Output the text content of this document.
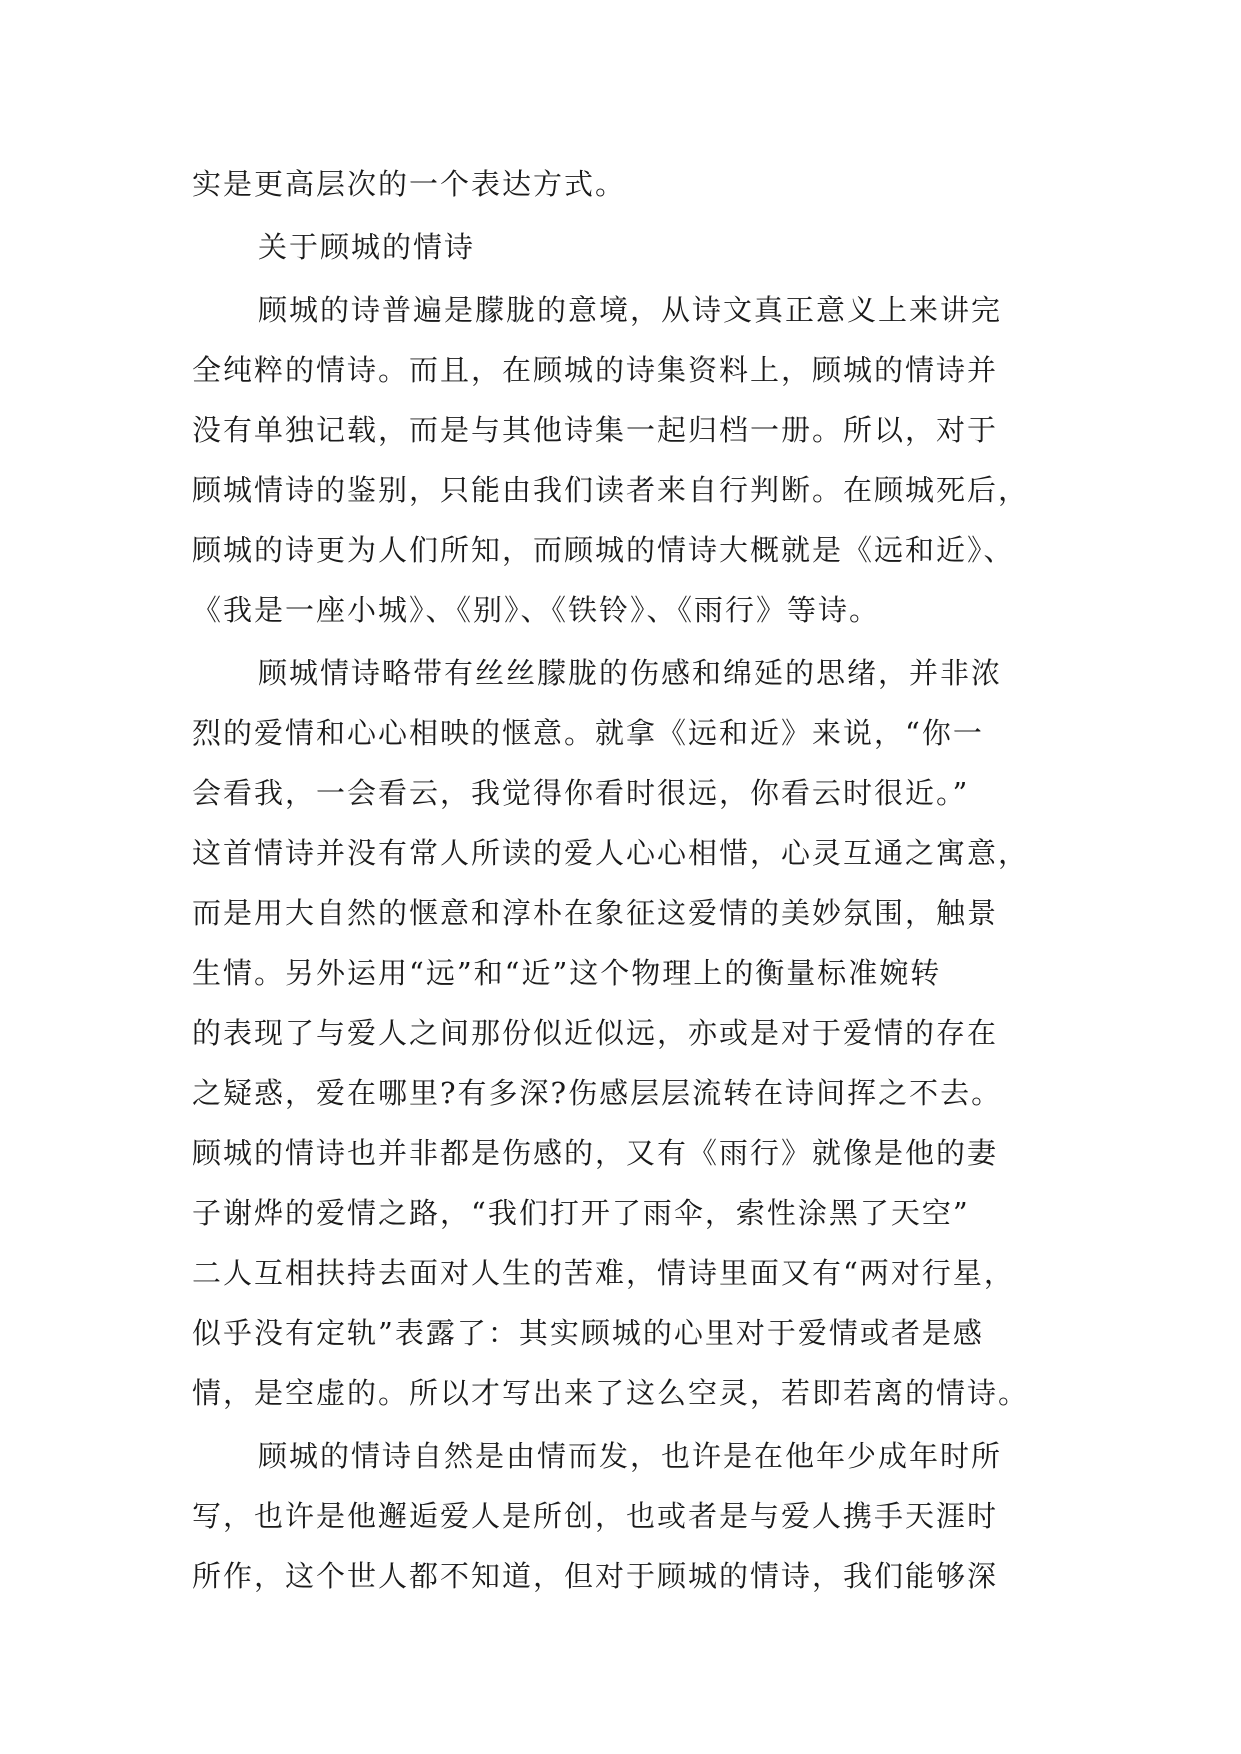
实是更高层次的一个表达方式。
关于顾城的情诗
顾城的诗普遍是朦胧的意境，从诗文真正意义上来讲完
全纯粹的情诗。而且，在顾城的诗集资料上，顾城的情诗并
没有单独记载，而是与其他诗集一起归档一册。所以，对于
顾城情诗的鉴别，只能由我们读者来自行判断。在顾城死后，
顾城的诗更为人们所知，而顾城的情诗大概就是《远和近》、
《我是一座小城》、《别》、《铁铃》、《雨行》等诗。
顾城情诗略带有丝丝朦胧的伤感和绵延的思绪，并非浓
烈的爱情和心心相映的惬意。就拿《远和近》来说，“你一
会看我，一会看云，我觉得你看时很远，你看云时很近。”
这首情诗并没有常人所读的爱人心心相惜，心灵互通之寓意，
而是用大自然的惬意和淳朴在象征这爱情的美妙氛围，触景
生情。另外运用“远”和“近”这个物理上的衡量标准婉转
的表现了与爱人之间那份似近似远，亦或是对于爱情的存在
之疑惑，爱在哪里?有多深?伤感层层流转在诗间挥之不去。
顾城的情诗也并非都是伤感的，又有《雨行》就像是他的妻
子谢烨的爱情之路，“我们打开了雨伞，索性涂黑了天空”
二人互相扶持去面对人生的苦难，情诗里面又有“两对行星，
似乎没有定轨”表露了：其实顾城的心里对于爱情或者是感
情，是空虚的。所以才写出来了这么空灵，若即若离的情诗。
顾城的情诗自然是由情而发，也许是在他年少成年时所
写，也许是他邂逅爱人是所创，也或者是与爱人携手天涯时
所作，这个世人都不知道，但对于顾城的情诗，我们能够深
